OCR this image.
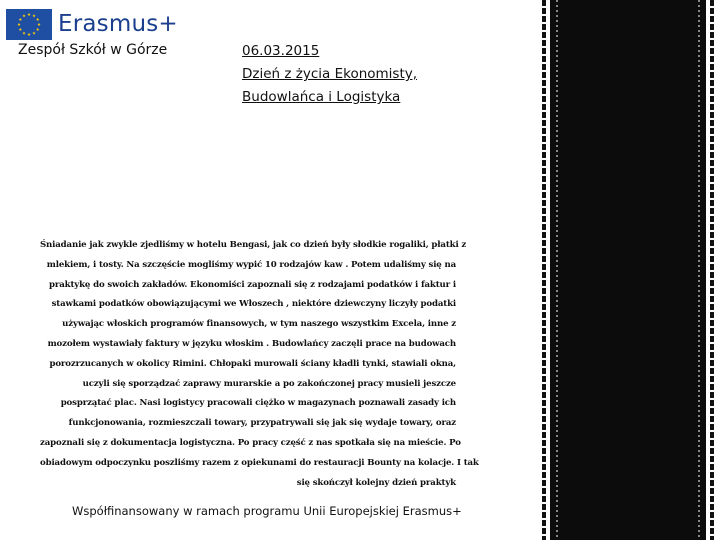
Erasmus+
Zespół Szkół w Górze	06.03.2015
Dzień z życia Ekonomisty,
Budowlańca i Logistyka
Śniadanie jak zwykle zjedliśmy w hotelu Bengasi, jak co dzień były słodkie rogaliki, płatki z
mlekiem, i tosty. Na szczęście mogliśmy wypić 10 rodzajów kaw . Potem udaliśmy się na
praktykę do swoich zakładów. Ekonomiści zapoznali się z rodzajami podatków i faktur i
stawkami podatków obowiązującymi we Włoszech , niektóre dziewczyny liczyły podatki
używając włoskich programów finansowych, w tym naszego wszystkim Excela, inne z
mozołem wystawiały faktury w języku włoskim . Budowlańcy zaczęli prace na budowach
porozrzucanych w okolicy Rimini. Chłopaki murowali ściany kładli tynki, stawiali okna,
uczyli się sporządzać zaprawy murarskie a po zakończonej pracy musieli jeszcze
posprzątać plac. Nasi logistycy pracowali ciężko w magazynach poznawali zasady ich
funkcjonowania, rozmieszczali towary, przypatrywali się jak się wydaje towary, oraz
zapoznali się z dokumentacja logistyczna. Po pracy część z nas spotkała się na mieście. Po
obiadowym odpoczynku poszliśmy razem z opiekunami do restauracji Bounty na kolacje. I tak
się skończył kolejny dzień praktyk
Współfinansowany w ramach programu Unii Europejskiej Erasmus+
